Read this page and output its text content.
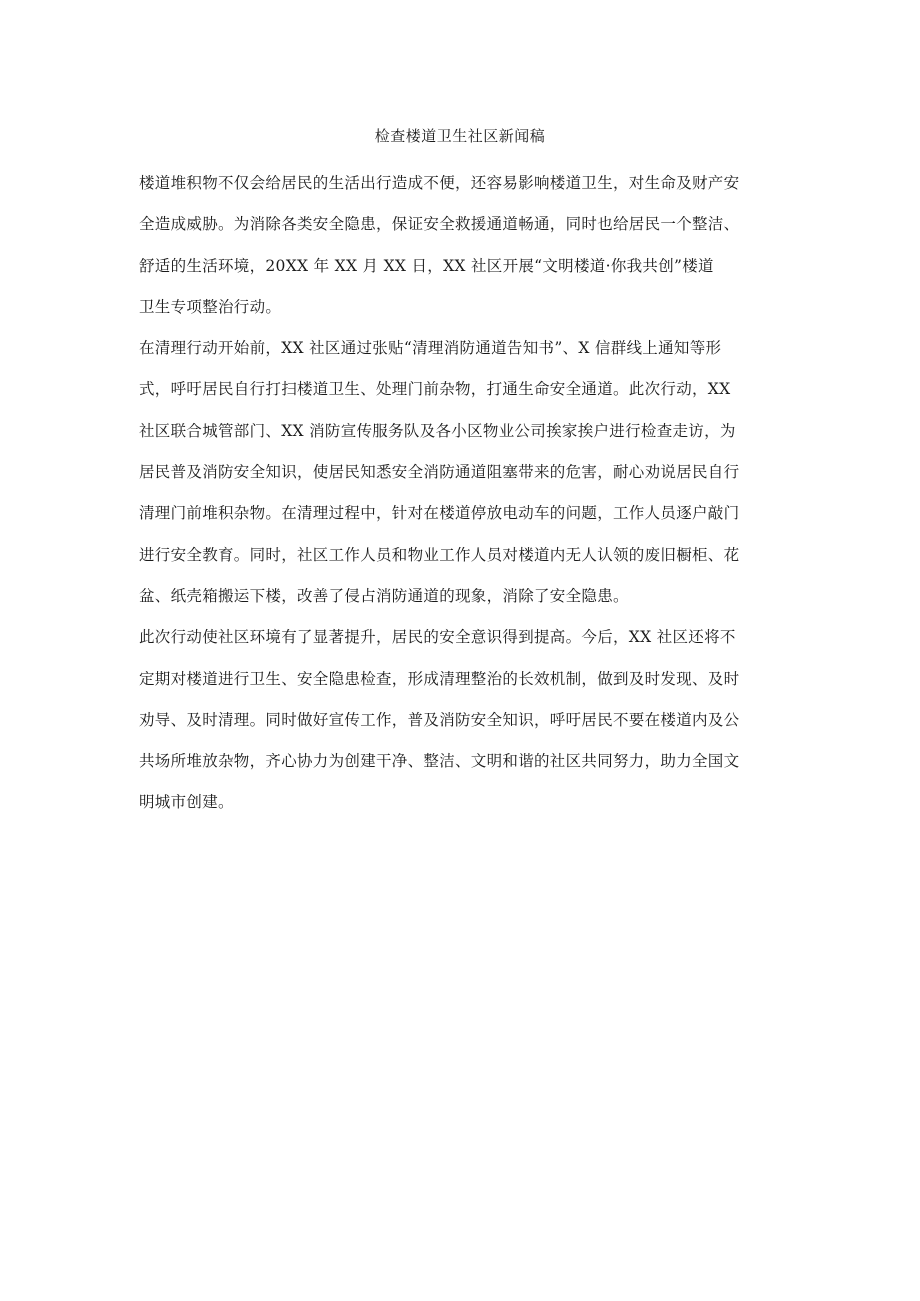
检查楼道卫生社区新闻稿

楼道堆积物不仅会给居民的生活出行造成不便，还容易影响楼道卫生，对生命及财产安
全造成威胁。为消除各类安全隐患，保证安全救援通道畅通，同时也给居民一个整洁、
舒适的生活环境，20XX 年 XX 月 XX 日，XX 社区开展“文明楼道·你我共创”楼道
卫生专项整治行动。

在清理行动开始前，XX 社区通过张贴“清理消防通道告知书”、X 信群线上通知等形
式，呼吁居民自行打扫楼道卫生、处理门前杂物，打通生命安全通道。此次行动，XX
社区联合城管部门、XX 消防宣传服务队及各小区物业公司挨家挨户进行检查走访，为
居民普及消防安全知识，使居民知悉安全消防通道阻塞带来的危害，耐心劝说居民自行
清理门前堆积杂物。在清理过程中，针对在楼道停放电动车的问题，工作人员逐户敲门
进行安全教育。同时，社区工作人员和物业工作人员对楼道内无人认领的废旧橱柜、花
盆、纸壳箱搬运下楼，改善了侵占消防通道的现象，消除了安全隐患。

此次行动使社区环境有了显著提升，居民的安全意识得到提高。今后，XX 社区还将不
定期对楼道进行卫生、安全隐患检查，形成清理整治的长效机制，做到及时发现、及时
劝导、及时清理。同时做好宣传工作，普及消防安全知识，呼吁居民不要在楼道内及公
共场所堆放杂物，齐心协力为创建干净、整洁、文明和谐的社区共同努力，助力全国文
明城市创建。
